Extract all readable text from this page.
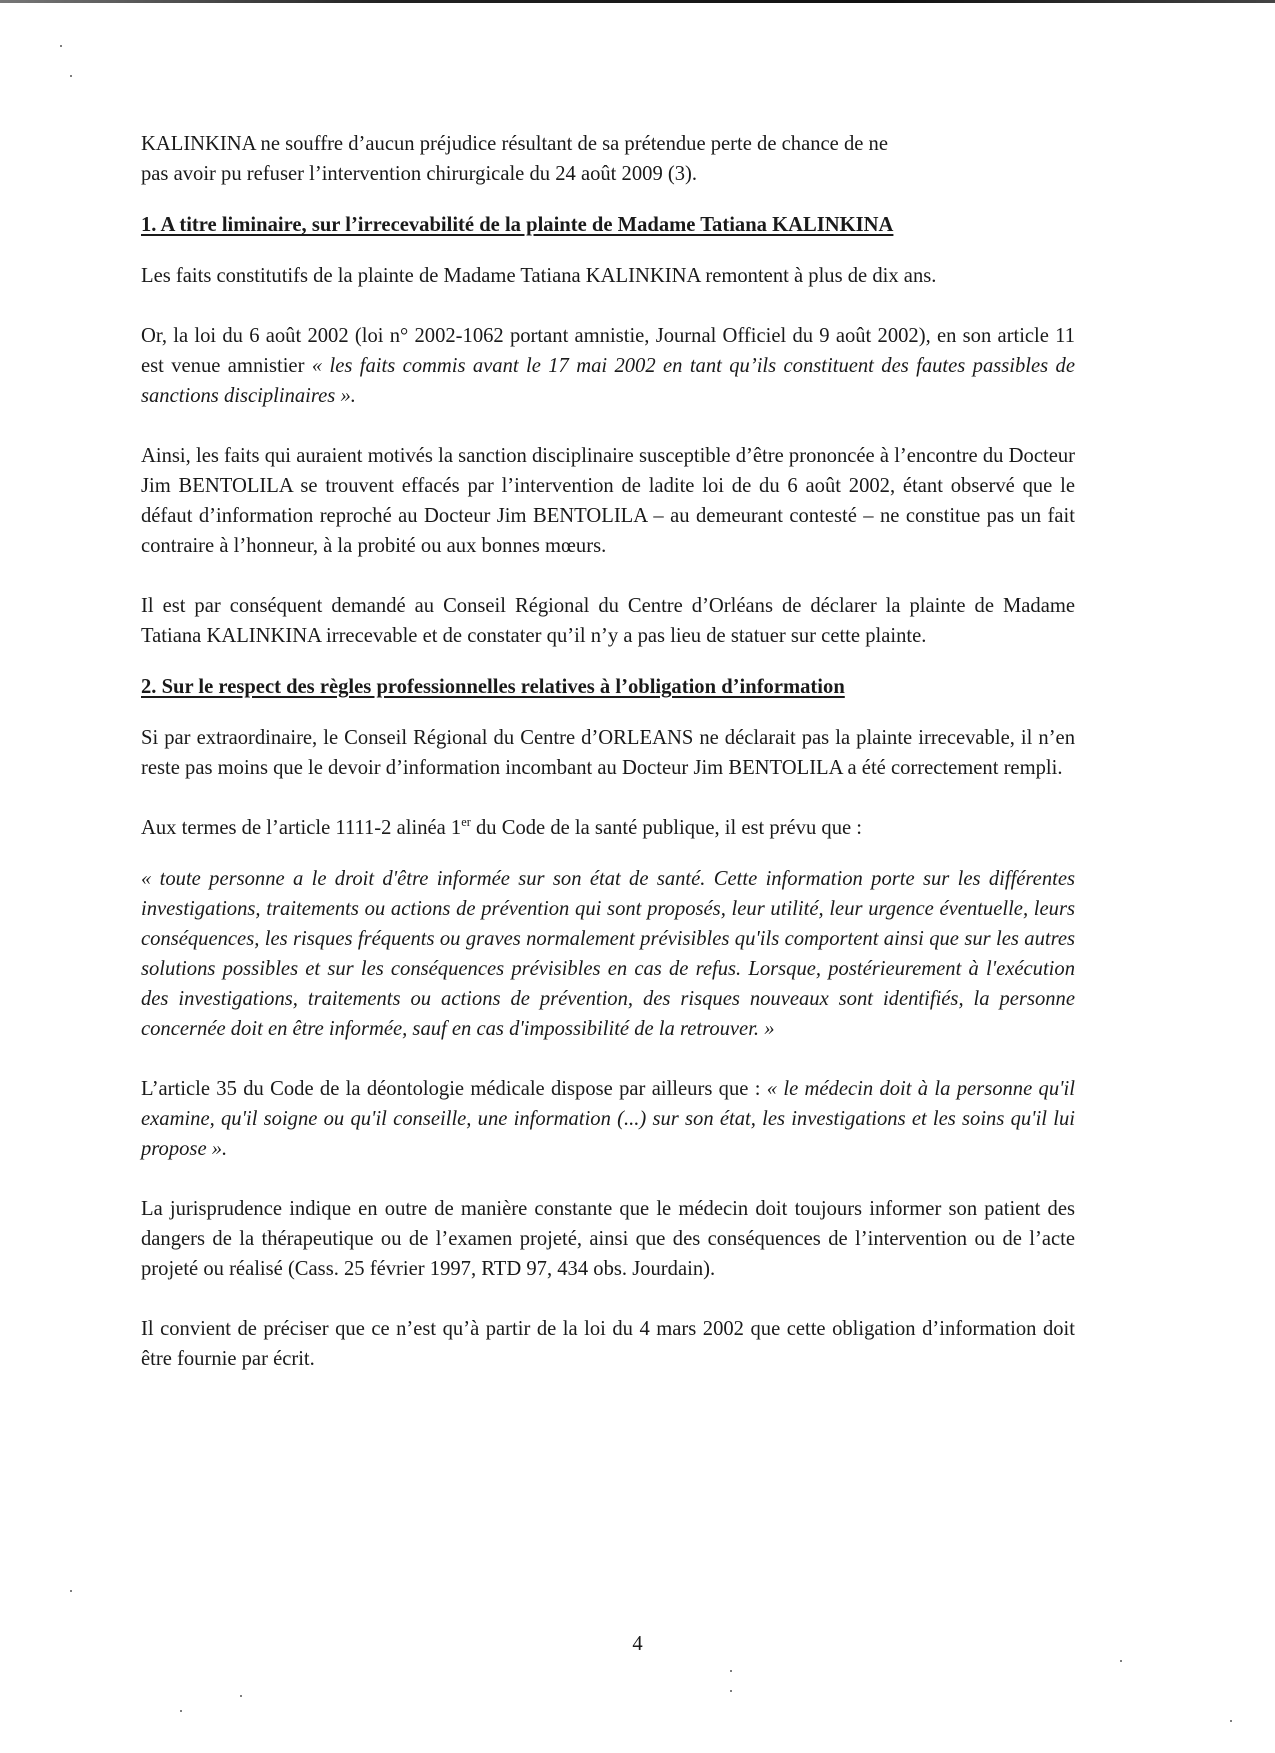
KALINKINA ne souffre d’aucun préjudice résultant de sa prétendue perte de chance de ne

pas avoir pu refuser l’intervention chirurgicale du 24 août 2009 (3).

1. A titre liminaire, sur l’irrecevabilité de la plainte de Madame Tatiana KALINKINA

Les faits constitutifs de la plainte de Madame Tatiana KALINKINA remontent à plus de dix ans.

Or, la loi du 6 août 2002 (loi n° 2002-1062 portant amnistie, Journal Officiel du 9 août 2002), en son article 11 est venue amnistier « les faits commis avant le 17 mai 2002 en tant qu’ils constituent des fautes passibles de sanctions disciplinaires ».

Ainsi, les faits qui auraient motivés la sanction disciplinaire susceptible d’être prononcée à l’encontre du Docteur Jim BENTOLILA se trouvent effacés par l’intervention de ladite loi de du 6 août 2002, étant observé que le défaut d’information reproché au Docteur Jim BENTOLILA – au demeurant contesté – ne constitue pas un fait contraire à l’honneur, à la probité ou aux bonnes mœurs.

Il est par conséquent demandé au Conseil Régional du Centre d’Orléans de déclarer la plainte de Madame Tatiana KALINKINA irrecevable et de constater qu’il n’y a pas lieu de statuer sur cette plainte.

2. Sur le respect des règles professionnelles relatives à l’obligation d’information

Si par extraordinaire, le Conseil Régional du Centre d’ORLEANS ne déclarait pas la plainte irrecevable, il n’en reste pas moins que le devoir d’information incombant au Docteur Jim BENTOLILA a été correctement rempli.

Aux termes de l’article 1111-2 alinéa 1er du Code de la santé publique, il est prévu que :

« toute personne a le droit d'être informée sur son état de santé. Cette information porte sur les différentes investigations, traitements ou actions de prévention qui sont proposés, leur utilité, leur urgence éventuelle, leurs conséquences, les risques fréquents ou graves normalement prévisibles qu'ils comportent ainsi que sur les autres solutions possibles et sur les conséquences prévisibles en cas de refus. Lorsque, postérieurement à l'exécution des investigations, traitements ou actions de prévention, des risques nouveaux sont identifiés, la personne concernée doit en être informée, sauf en cas d'impossibilité de la retrouver. »

L’article 35 du Code de la déontologie médicale dispose par ailleurs que : « le médecin doit à la personne qu'il examine, qu'il soigne ou qu'il conseille, une information (...) sur son état, les investigations et les soins qu'il lui propose ».

La jurisprudence indique en outre de manière constante que le médecin doit toujours informer son patient des dangers de la thérapeutique ou de l’examen projeté, ainsi que des conséquences de l’intervention ou de l’acte projeté ou réalisé (Cass. 25 février 1997, RTD 97, 434 obs. Jourdain).

Il convient de préciser que ce n’est qu’à partir de la loi du 4 mars 2002 que cette obligation d’information doit être fournie par écrit.

4
